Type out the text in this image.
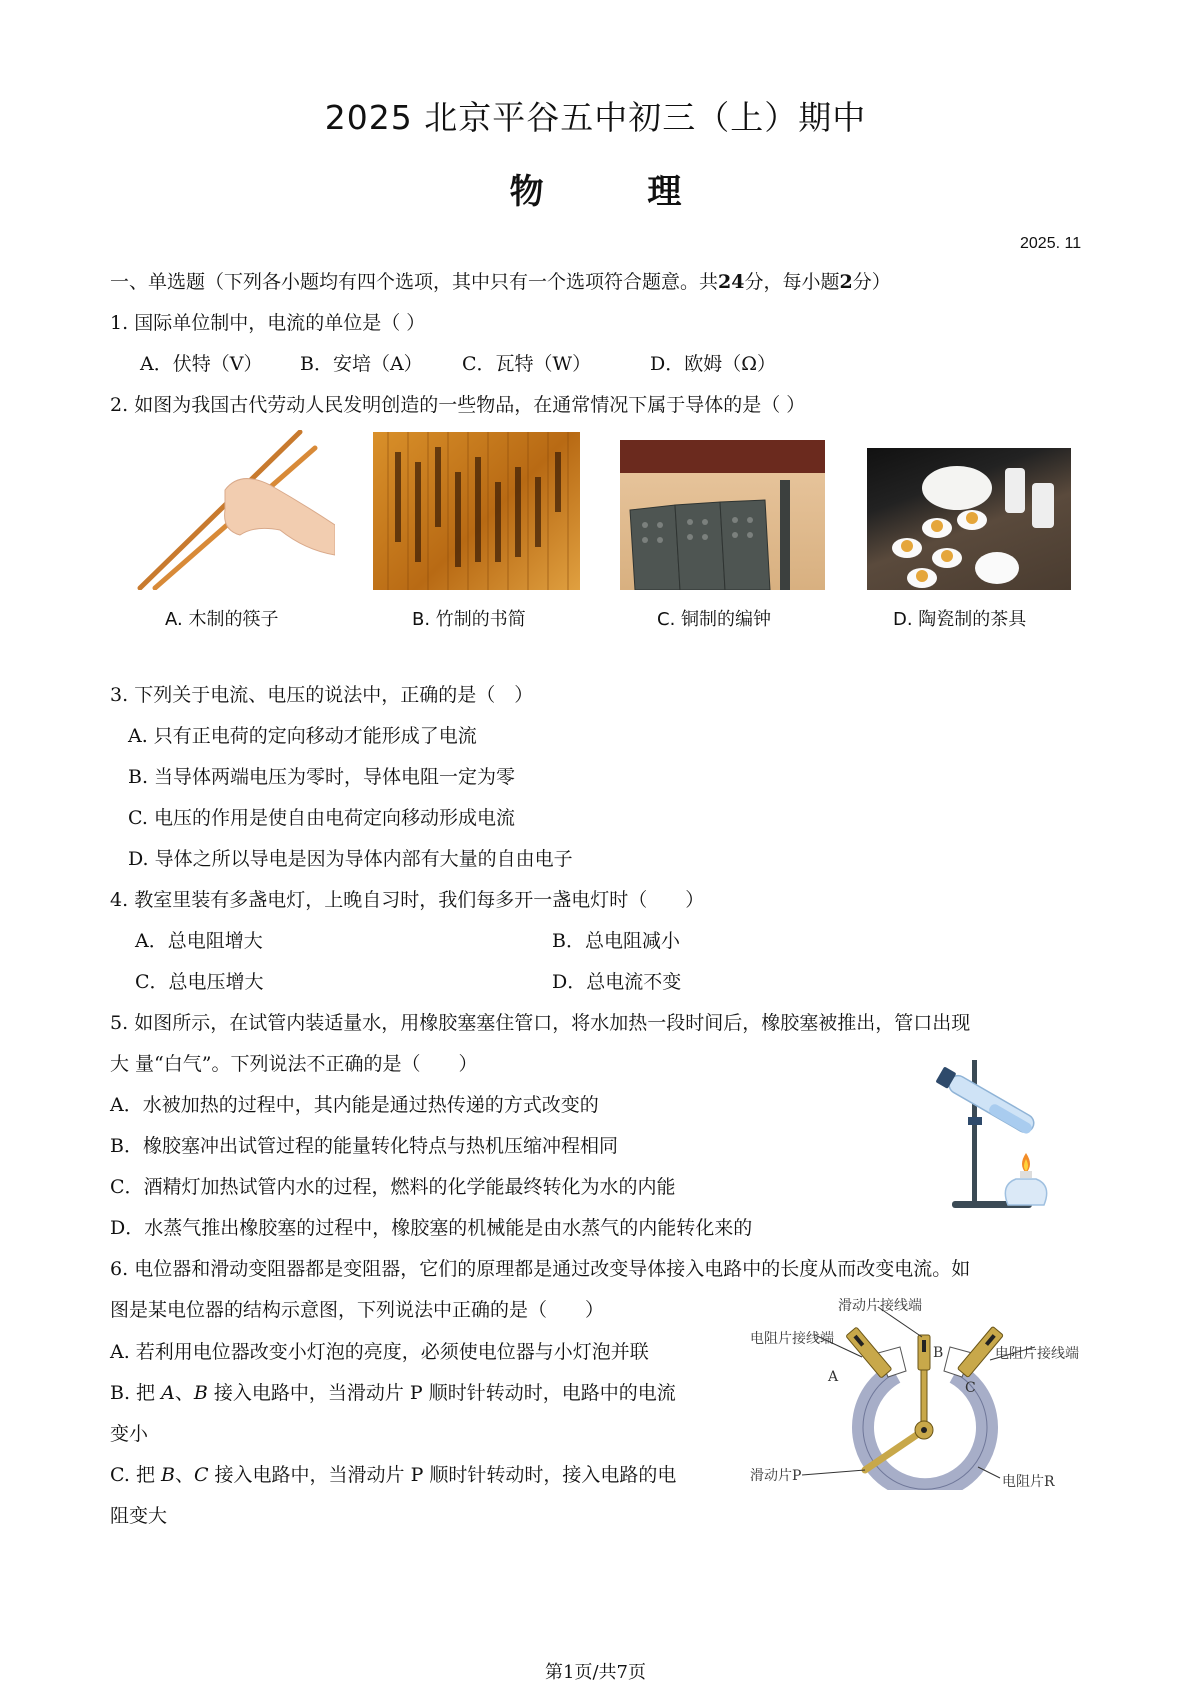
2025 北京平谷五中初三（上）期中
物	理
2025. 11
一、单选题（下列各小题均有四个选项，其中只有一个选项符合题意。共24分，每小题2分）
1. 国际单位制中，电流的单位是（ ）
A．伏特（V） B．安培（A） C．瓦特（W）	D．欧姆（Ω）
2. 如图为我国古代劳动人民发明创造的一些物品，在通常情况下属于导体的是（ ）
A. 木制的筷子	B. 竹制的书简	C. 铜制的编钟	D. 陶瓷制的茶具
3. 下列关于电流、电压的说法中，正确的是（　）
A. 只有正电荷的定向移动才能形成了电流
B. 当导体两端电压为零时，导体电阻一定为零
C. 电压的作用是使自由电荷定向移动形成电流
D. 导体之所以导电是因为导体内部有大量的自由电子
4. 教室里装有多盏电灯，上晚自习时，我们每多开一盏电灯时（　　）
A．总电阻增大	B．总电阻减小
C．总电压增大	D．总电流不变
5. 如图所示，在试管内装适量水，用橡胶塞塞住管口，将水加热一段时间后，橡胶塞被推出，管口出现
大 量“白气”。下列说法不正确的是（　　）
A．水被加热的过程中，其内能是通过热传递的方式改变的
B．橡胶塞冲出试管过程的能量转化特点与热机压缩冲程相同
C．酒精灯加热试管内水的过程，燃料的化学能最终转化为水的内能
D．水蒸气推出橡胶塞的过程中，橡胶塞的机械能是由水蒸气的内能转化来的
6. 电位器和滑动变阻器都是变阻器，它们的原理都是通过改变导体接入电路中的长度从而改变电流。如
图是某电位器的结构示意图，下列说法中正确的是（　　）
A. 若利用电位器改变小灯泡的亮度，必须使电位器与小灯泡并联
B. 把 A、B 接入电路中，当滑动片 P 顺时针转动时，电路中的电流
变小
C. 把 B、C 接入电路中，当滑动片 P 顺时针转动时，接入电路的电
阻变大
滑动片接线端
电阻片接线端
电阻片接线端
A
B
C
滑动片P	电阻片R
第1页/共7页
